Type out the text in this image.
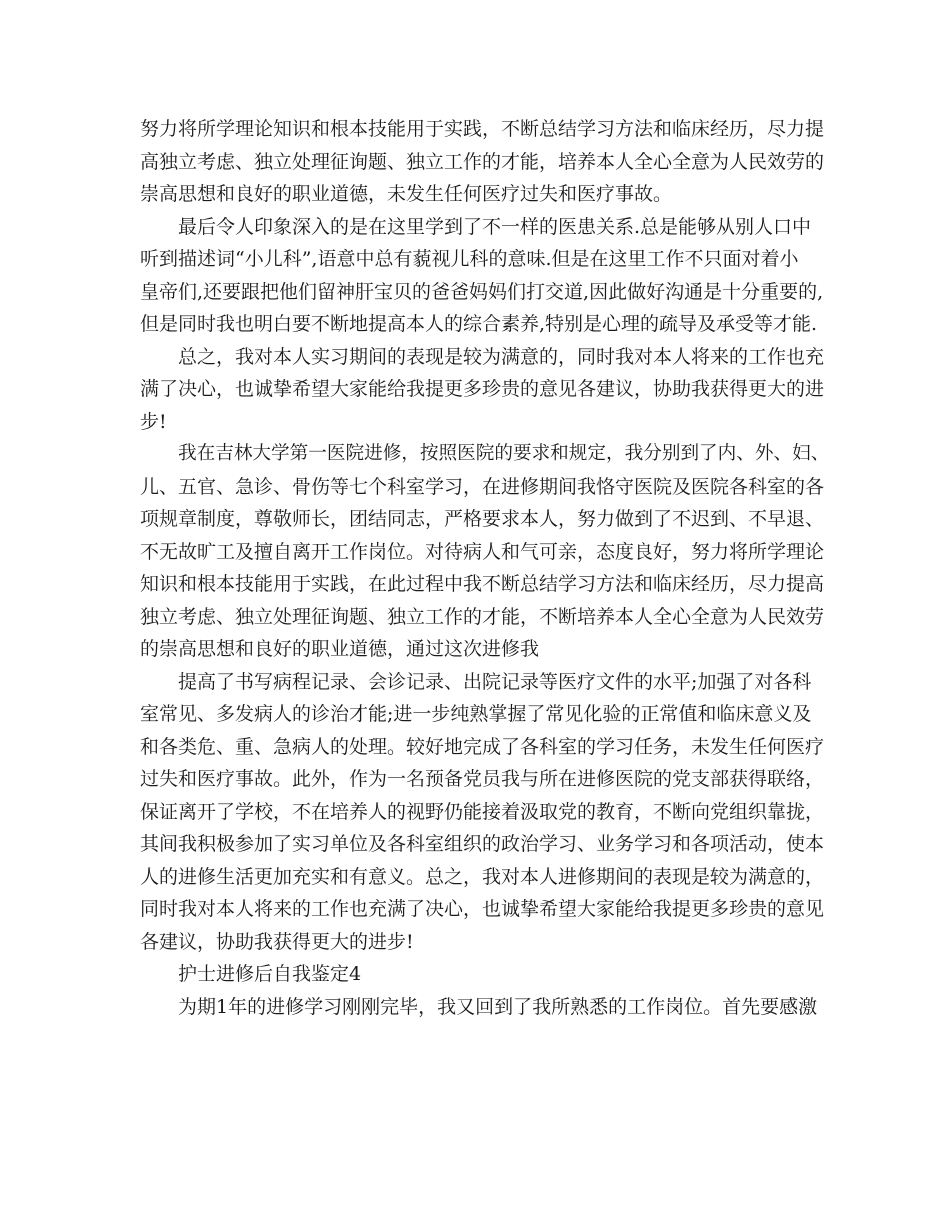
努力将所学理论知识和根本技能用于实践，不断总结学习方法和临床经历，尽力提
高独立考虑、独立处理征询题、独立工作的才能，培养本人全心全意为人民效劳的
崇高思想和良好的职业道德，未发生任何医疗过失和医疗事故。
最后令人印象深入的是在这里学到了不一样的医患关系.总是能够从别人口中
听到描述词“小儿科”,语意中总有藐视儿科的意味.但是在这里工作不只面对着小
皇帝们,还要跟把他们留神肝宝贝的爸爸妈妈们打交道,因此做好沟通是十分重要的,
但是同时我也明白要不断地提高本人的综合素养,特别是心理的疏导及承受等才能.
总之，我对本人实习期间的表现是较为满意的，同时我对本人将来的工作也充
满了决心，也诚挚希望大家能给我提更多珍贵的意见各建议，协助我获得更大的进
步!
我在吉林大学第一医院进修，按照医院的要求和规定，我分别到了内、外、妇、
儿、五官、急诊、骨伤等七个科室学习，在进修期间我恪守医院及医院各科室的各
项规章制度，尊敬师长，团结同志，严格要求本人，努力做到了不迟到、不早退、
不无故旷工及擅自离开工作岗位。对待病人和气可亲，态度良好，努力将所学理论
知识和根本技能用于实践，在此过程中我不断总结学习方法和临床经历，尽力提高
独立考虑、独立处理征询题、独立工作的才能，不断培养本人全心全意为人民效劳
的崇高思想和良好的职业道德，通过这次进修我
提高了书写病程记录、会诊记录、出院记录等医疗文件的水平;加强了对各科
室常见、多发病人的诊治才能;进一步纯熟掌握了常见化验的正常值和临床意义及
和各类危、重、急病人的处理。较好地完成了各科室的学习任务，未发生任何医疗
过失和医疗事故。此外，作为一名预备党员我与所在进修医院的党支部获得联络，
保证离开了学校，不在培养人的视野仍能接着汲取党的教育，不断向党组织靠拢，
其间我积极参加了实习单位及各科室组织的政治学习、业务学习和各项活动，使本
人的进修生活更加充实和有意义。总之，我对本人进修期间的表现是较为满意的，
同时我对本人将来的工作也充满了决心，也诚挚希望大家能给我提更多珍贵的意见
各建议，协助我获得更大的进步!
护士进修后自我鉴定4
为期1年的进修学习刚刚完毕，我又回到了我所熟悉的工作岗位。首先要感激
